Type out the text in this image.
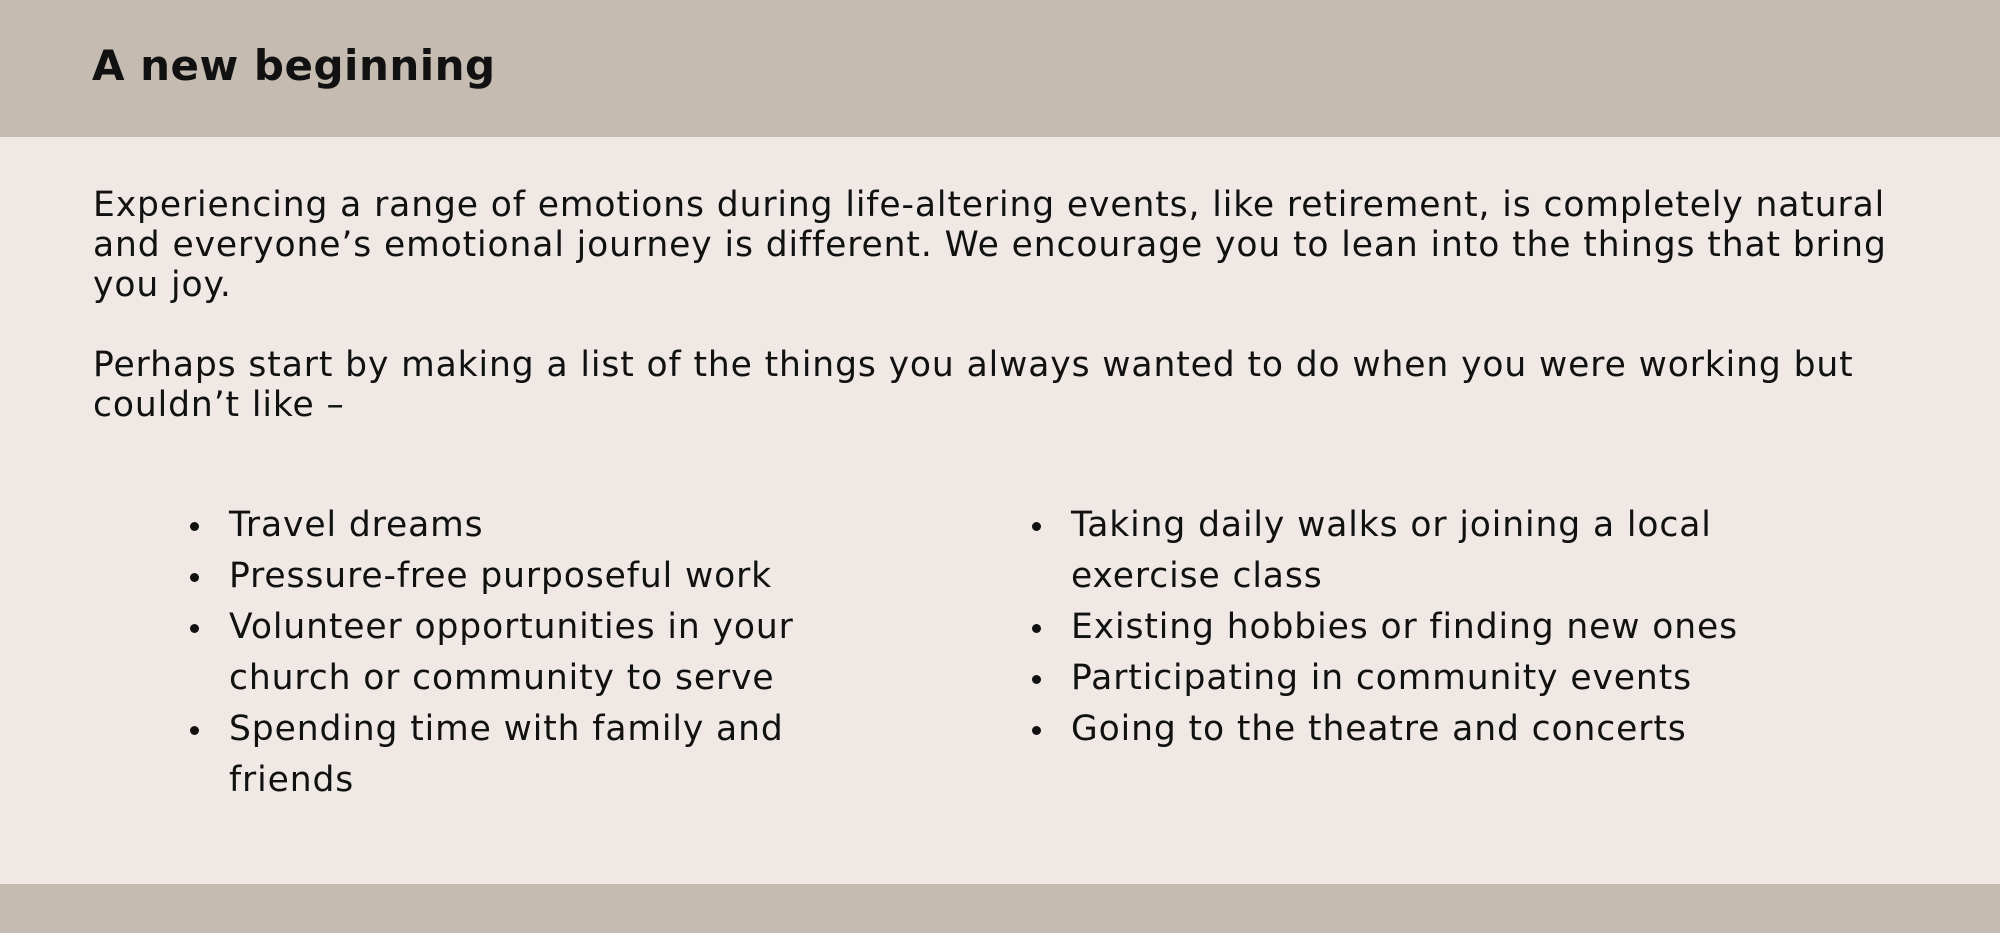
A new beginning

Experiencing a range of emotions during life-altering events, like retirement, is completely natural and everyone’s emotional journey is different. We encourage you to lean into the things that bring you joy.

Perhaps start by making a list of the things you always wanted to do when you were working but couldn’t like –

Travel dreams
Pressure-free purposeful work
Volunteer opportunities in your church or community to serve
Spending time with family and friends
Taking daily walks or joining a local exercise class
Existing hobbies or finding new ones
Participating in community events
Going to the theatre and concerts
